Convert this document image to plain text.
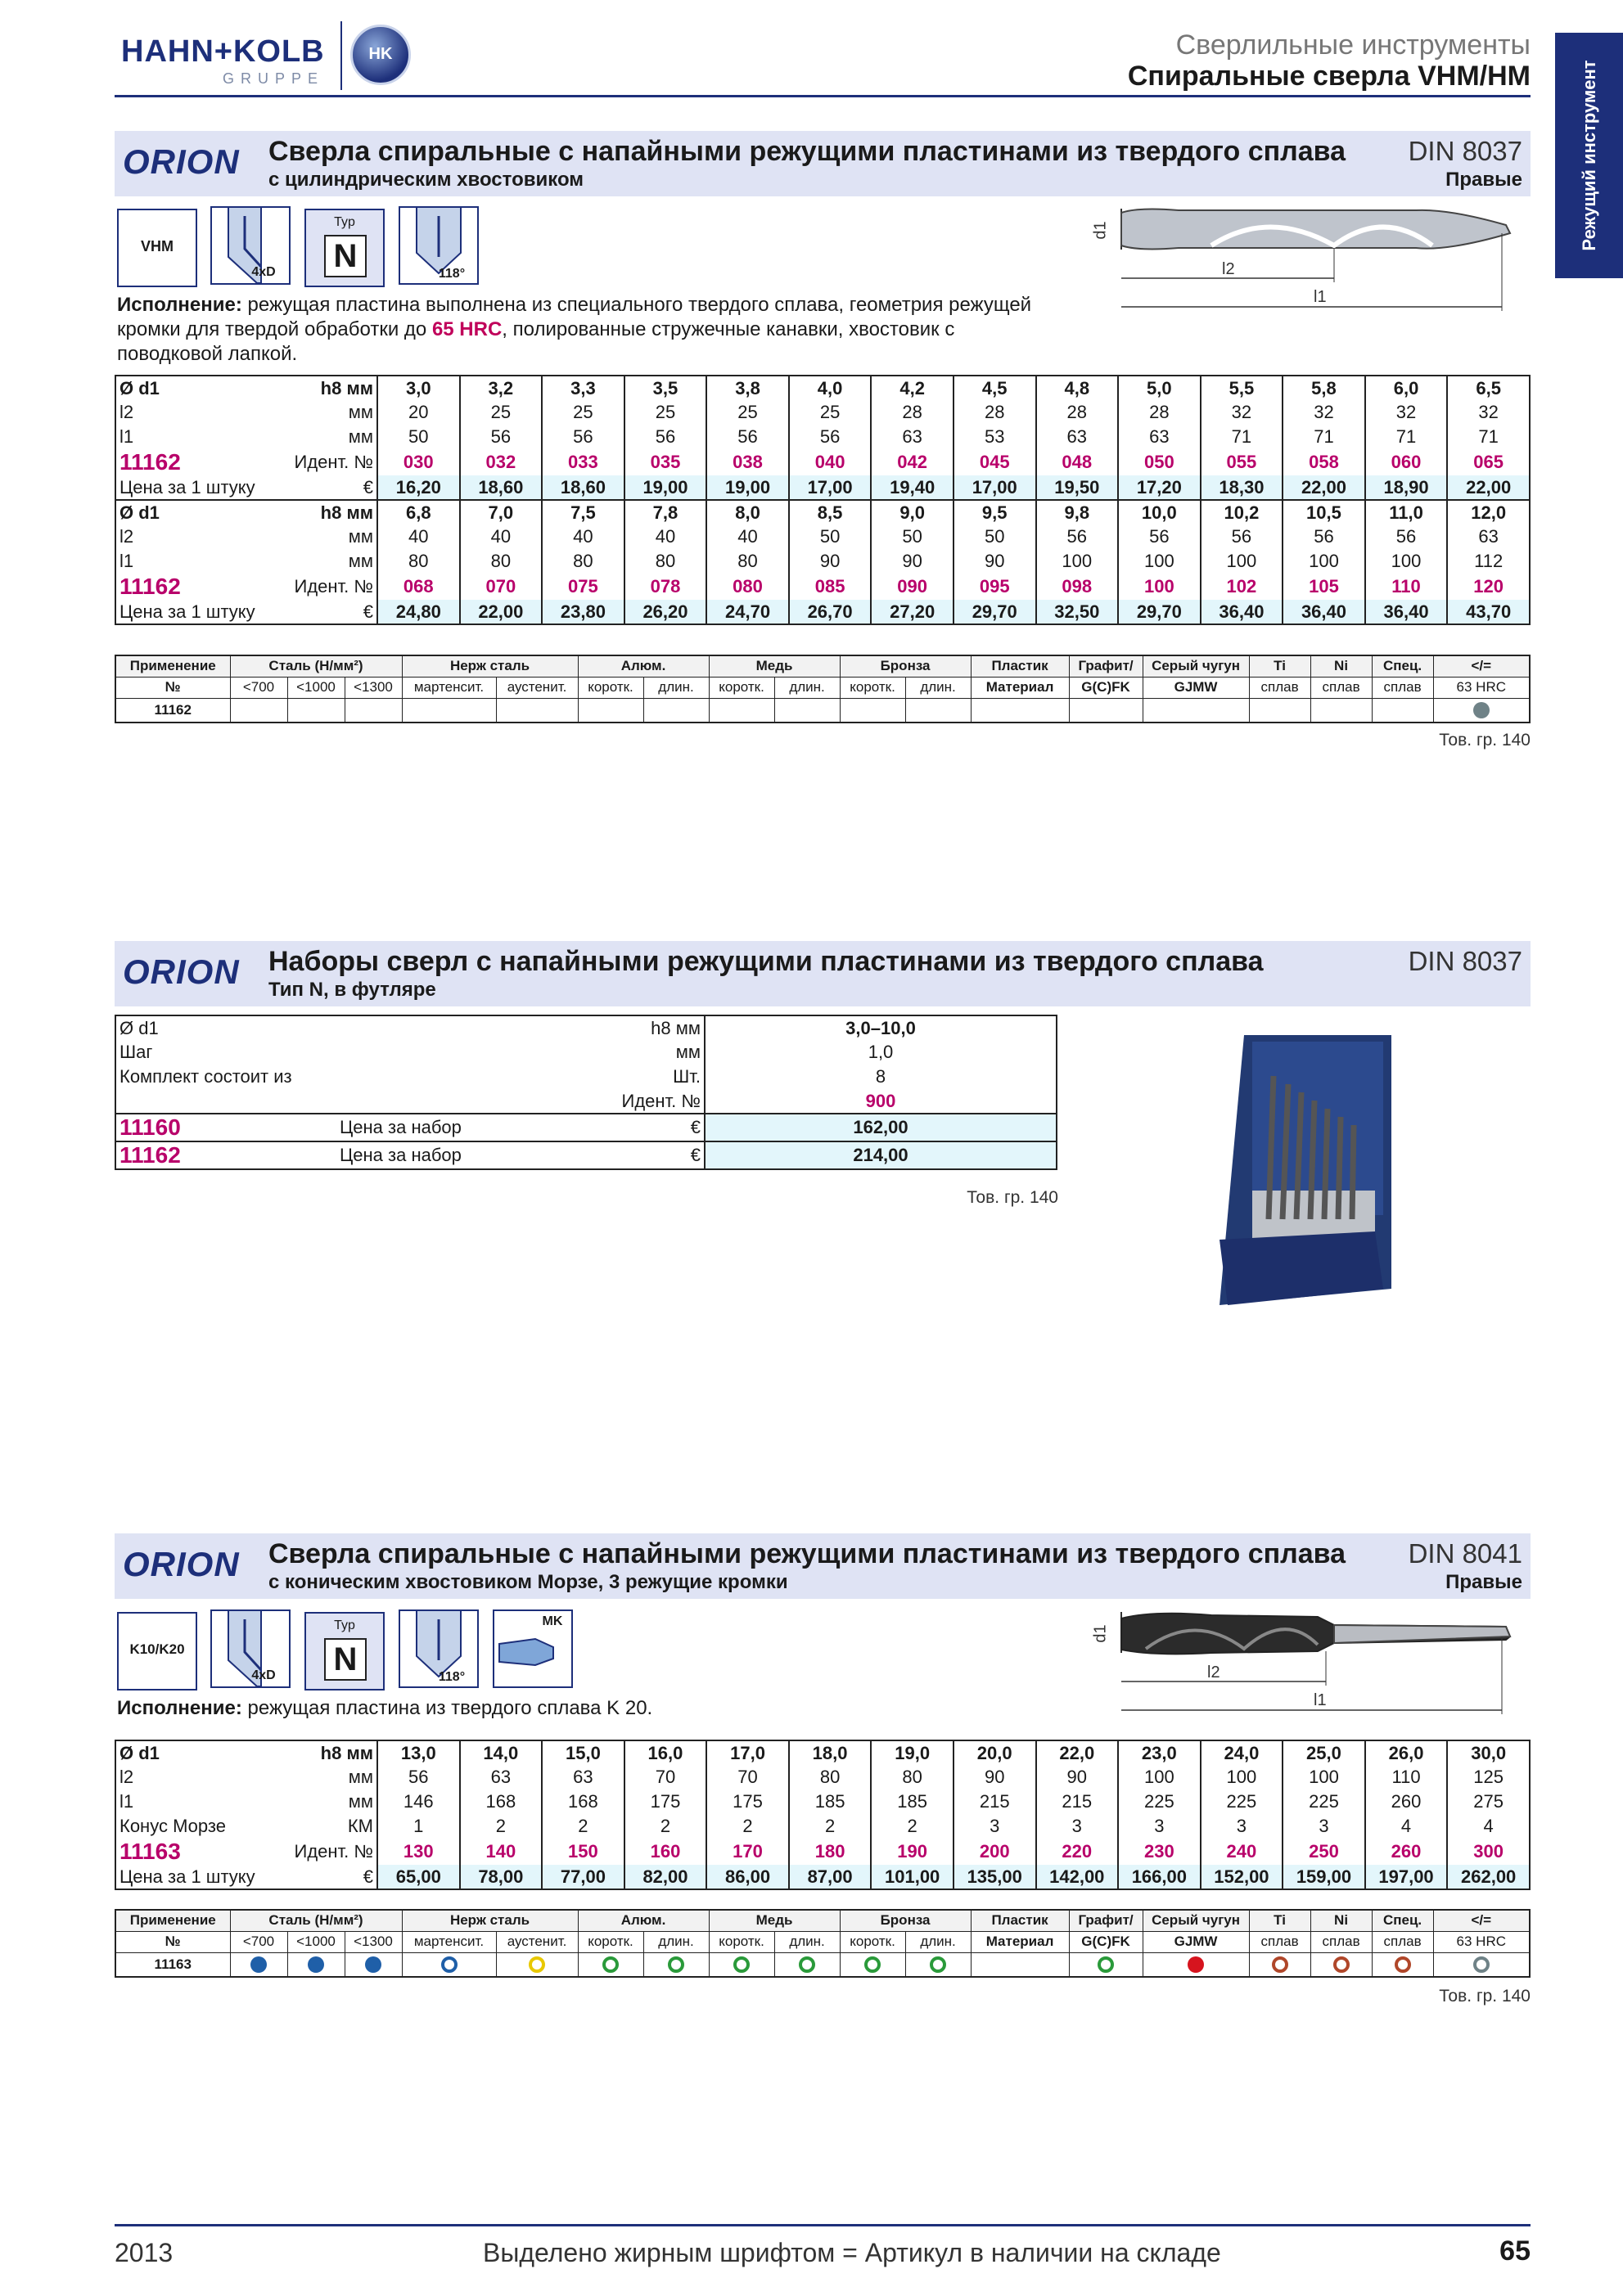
HAHN+KOLB
GRUPPE
HK	Сверлильные инструменты
Спиральные сверла VHM/HM	Режущий инструмент
ORION Сверла спиральные с напайными режущими пластинами из твердого сплава
с цилиндрическим хвостовиком
DIN 8037
Правые
VHM
4xD
Typ
N	118°
d1
l2
l1
Исполнение: режущая пластина выполнена из специального твердого сплава, геометрия режущей кромки для твердой обработки до 65 HRC, полированные стружечные канавки, хвостовик с поводковой лапкой.
Ø d1	h8 мм	3,0	3,2	3,3	3,5	3,8	4,0	4,2	4,5	4,8	5,0	5,5	5,8	6,0	6,5
l2	мм	20	25	25	25	25	25	28	28	28	28	32	32	32	32
l1	мм	50	56	56	56	56	56	63	53	63	63	71	71	71	71
11162	Идент. №	030	032	033	035	038	040	042	045	048	050	055	058	060	065
Цена за 1 штуку	€	16,20	18,60	18,60	19,00	19,00	17,00	19,40	17,00	19,50	17,20	18,30	22,00	18,90	22,00
Ø d1	h8 мм	6,8	7,0	7,5	7,8	8,0	8,5	9,0	9,5	9,8	10,0	10,2	10,5	11,0	12,0
l2	мм	40	40	40	40	40	50	50	50	56	56	56	56	56	63
l1	мм	80	80	80	80	80	90	90	90	100	100	100	100	100	112
11162	Идент. №	068	070	075	078	080	085	090	095	098	100	102	105	110	120
Цена за 1 штуку	€	24,80	22,00	23,80	26,20	24,70	26,70	27,20	29,70	32,50	29,70	36,40	36,40	36,40	43,70
Применение	Сталь (Н/мм²)			Нерж сталь		Алюм.		Медь		Бронза		Пластик	Графит/	Серый чугун	Ti	Ni	Спец.	</=
№	<700	<1000	<1300	мартенсит.	аустенит.	коротк.	длин.	коротк.	длин.	коротк.	длин.	Материал	G(C)FK	GJMW	сплав	сплав	сплав	63 HRC
11162																		
Тов. гр. 140
ORION Наборы сверл с напайными режущими пластинами из твердого сплава
Тип N, в футляре
DIN 8037
Ø d1	h8 мм		3,0–10,0
Шаг	мм		1,0
Комплект состоит из	Шт.		8
	Идент. №		900
11160	Цена за набор	€	162,00
11162	Цена за набор	€	214,00
Тов. гр. 140
ORION Сверла спиральные с напайными режущими пластинами из твердого сплава
с коническим хвостовиком Морзе, 3 режущие кромки
DIN 8041
Правые
K10/K20
4xD
Typ
N	118°
MK
d1
l2
l1
Исполнение: режущая пластина из твердого сплава K 20.
Ø d1	h8 мм	13,0	14,0	15,0	16,0	17,0	18,0	19,0	20,0	22,0	23,0	24,0	25,0	26,0	30,0
l2	мм	56	63	63	70	70	80	80	90	90	100	100	100	110	125
l1	мм	146	168	168	175	175	185	185	215	215	225	225	225	260	275
Конус Морзе	КМ	1	2	2	2	2	2	2	3	3	3	3	3	4	4
11163	Идент. №	130	140	150	160	170	180	190	200	220	230	240	250	260	300
Цена за 1 штуку	€	65,00	78,00	77,00	82,00	86,00	87,00	101,00	135,00	142,00	166,00	152,00	159,00	197,00	262,00
Применение	Сталь (Н/мм²)			Нерж сталь		Алюм.		Медь		Бронза		Пластик	Графит/	Серый чугун	Ti	Ni	Спец.	</=
№	<700	<1000	<1300	мартенсит.	аустенит.	коротк.	длин.	коротк.	длин.	коротк.	длин.	Материал	G(C)FK	GJMW	сплав	сплав	сплав	63 HRC
11163																		
Тов. гр. 140
2013	Выделено жирным шрифтом = Артикул в наличии на складе	65
